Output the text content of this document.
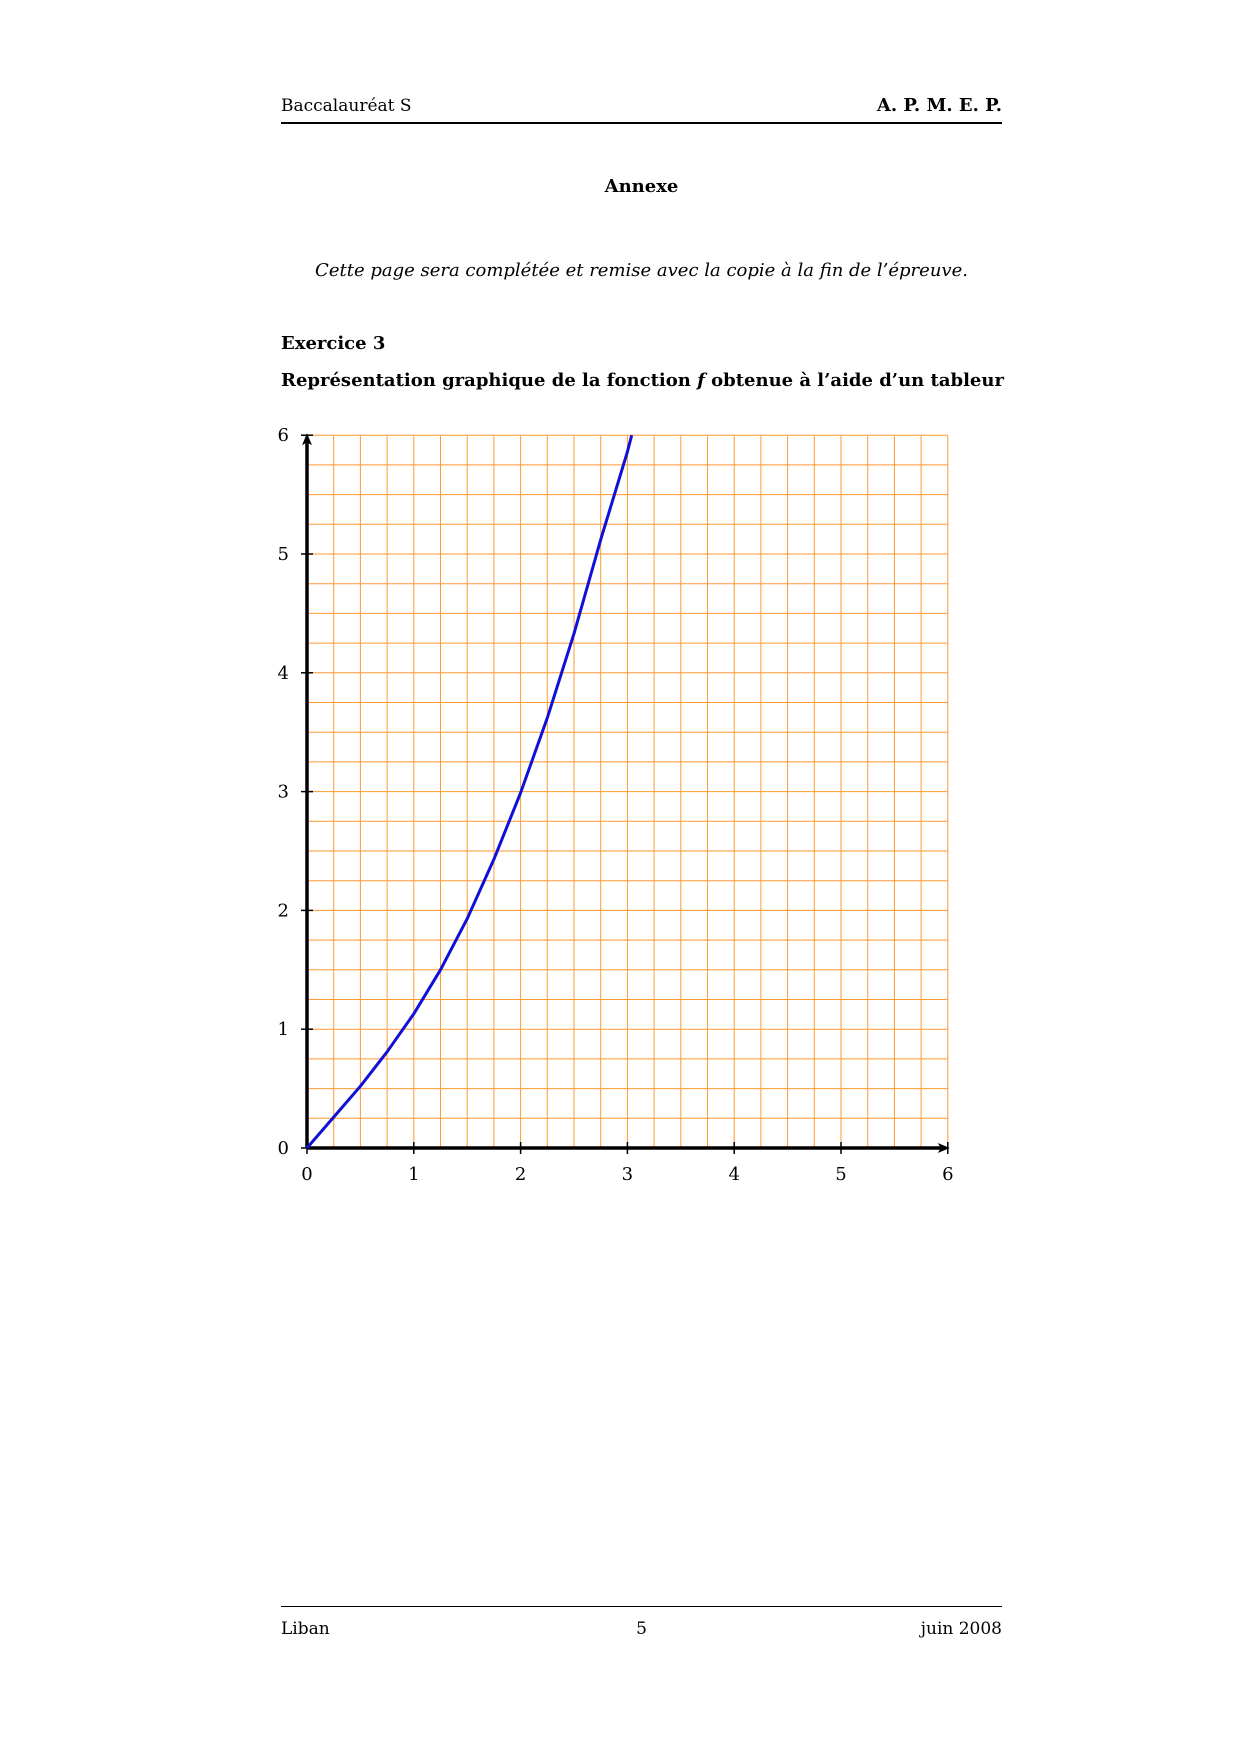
Baccalauréat S	A. P. M. E. P.
Annexe
Cette page sera complétée et remise avec la copie à la fin de l’épreuve.
Exercice 3
Représentation graphique de la fonction f obtenue à l’aide d’un tableur
0	1	2	3	4	5	6
0
1
2
3
4
5
6
Liban	5	juin 2008
